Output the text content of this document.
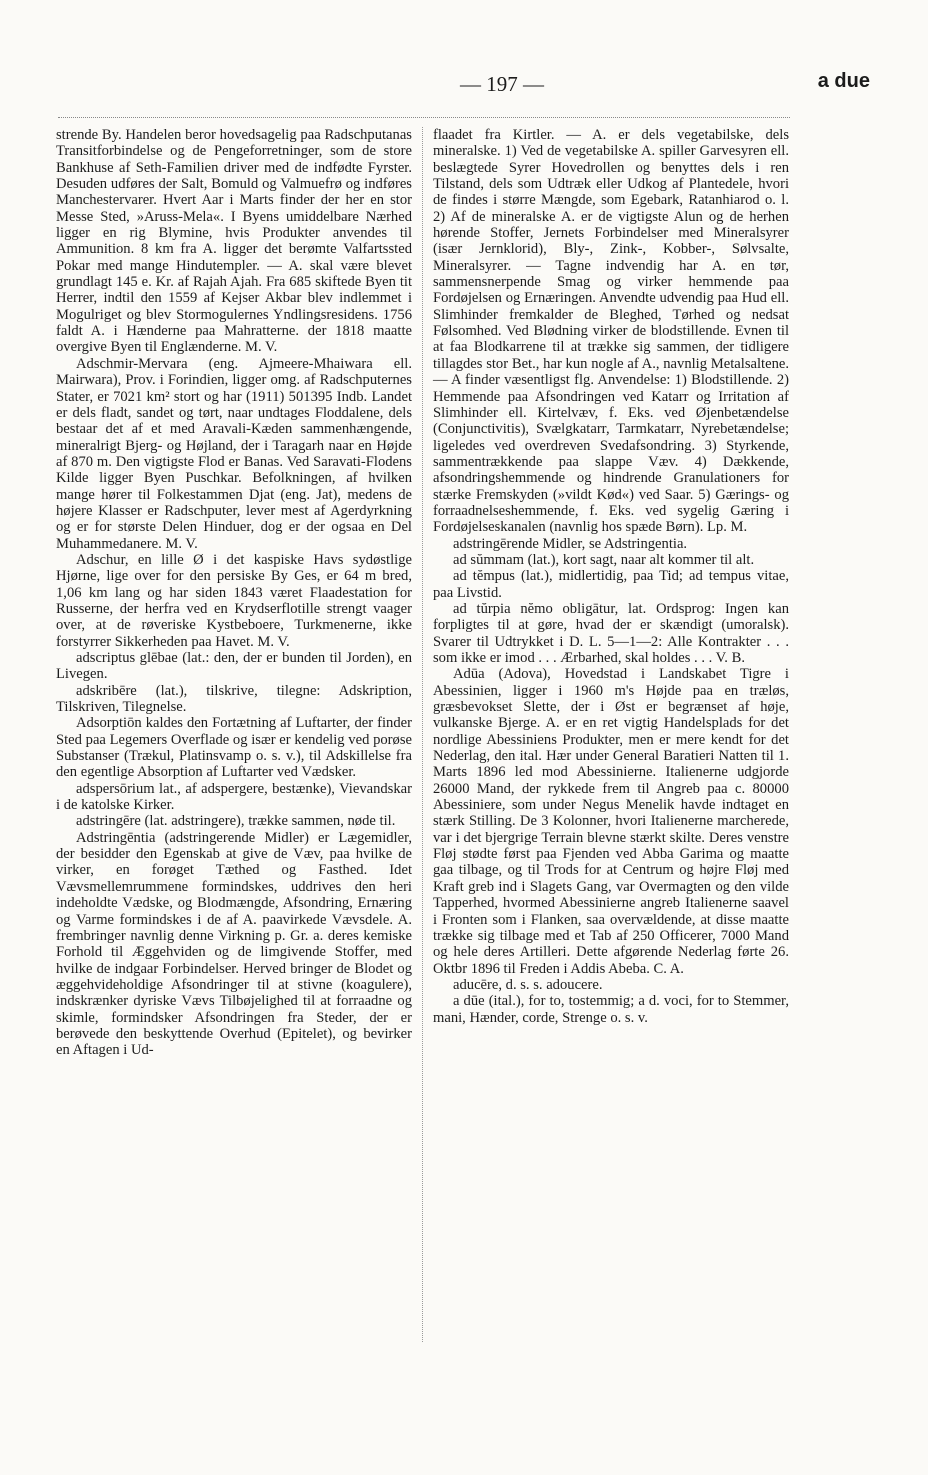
— 197 —	a due

strende By. Handelen beror hovedsagelig paa Radschputanas Transitforbindelse og de Pengeforretninger, som de store Bankhuse af Seth-Familien driver med de indfødte Fyrster. Desuden udføres der Salt, Bomuld og Valmuefrø og indføres Manchestervarer. Hvert Aar i Marts finder der her en stor Messe Sted, »Aruss-Mela«. I Byens umiddelbare Nærhed ligger en rig Blymine, hvis Produkter anvendes til Ammunition. 8 km fra A. ligger det berømte Valfartssted Pokar med mange Hindutempler. — A. skal være blevet grundlagt 145 e. Kr. af Rajah Ajah. Fra 685 skiftede Byen tit Herrer, indtil den 1559 af Kejser Akbar blev indlemmet i Mogulriget og blev Stormogulernes Yndlingsresidens. 1756 faldt A. i Hænderne paa Mahratterne. der 1818 maatte overgive Byen til Englænderne. M. V.

Adschmir-Mervara (eng. Ajmeere-Mhaiwara ell. Mairwara), Prov. i Forindien, ligger omg. af Radschputernes Stater, er 7021 km² stort og har (1911) 501395 Indb. Landet er dels fladt, sandet og tørt, naar undtages Floddalene, dels bestaar det af et med Aravali-Kæden sammenhængende, mineralrigt Bjerg- og Højland, der i Taragarh naar en Højde af 870 m. Den vigtigste Flod er Banas. Ved Saravati-Flodens Kilde ligger Byen Puschkar. Befolkningen, af hvilken mange hører til Folkestammen Djat (eng. Jat), medens de højere Klasser er Radschputer, lever mest af Agerdyrkning og er for største Delen Hinduer, dog er der ogsaa en Del Muhammedanere. M. V.

Adschur, en lille Ø i det kaspiske Havs sydøstlige Hjørne, lige over for den persiske By Ges, er 64 m bred, 1,06 km lang og har siden 1843 været Flaadestation for Russerne, der herfra ved en Krydserflotille strengt vaager over, at de røveriske Kystbeboere, Turkmenerne, ikke forstyrrer Sikkerheden paa Havet. M. V.

adscriptus glēbae (lat.: den, der er bunden til Jorden), en Livegen.

adskribēre (lat.), tilskrive, tilegne: Adskription, Tilskriven, Tilegnelse.

Adsorptiōn kaldes den Fortætning af Luftarter, der finder Sted paa Legemers Overflade og især er kendelig ved porøse Substanser (Trækul, Platinsvamp o. s. v.), til Adskillelse fra den egentlige Absorption af Luftarter ved Vædsker.

adspersōrium lat., af adspergere, bestænke), Vievandskar i de katolske Kirker.

adstringēre (lat. adstringere), trække sammen, nøde til.

Adstringēntia (adstringerende Midler) er Lægemidler, der besidder den Egenskab at give de Væv, paa hvilke de virker, en forøget Tæthed og Fasthed. Idet Vævsmellemrummene formindskes, uddrives den heri indeholdte Vædske, og Blodmængde, Afsondring, Ernæring og Varme formindskes i de af A. paavirkede Vævsdele. A. frembringer navnlig denne Virkning p. Gr. a. deres kemiske Forhold til Æggehviden og de limgivende Stoffer, med hvilke de indgaar Forbindelser. Herved bringer de Blodet og æggehvideholdige Afsondringer til at stivne (koagulere), indskrænker dyriske Vævs Tilbøjelighed til at forraadne og skimle, formindsker Afsondringen fra Steder, der er berøvede den beskyttende Overhud (Epitelet), og bevirker en Aftagen i Ud-

flaadet fra Kirtler. — A. er dels vegetabilske, dels mineralske. 1) Ved de vegetabilske A. spiller Garvesyren ell. beslægtede Syrer Hovedrollen og benyttes dels i ren Tilstand, dels som Udtræk eller Udkog af Plantedele, hvori de findes i større Mængde, som Egebark, Ratanhiarod o. l. 2) Af de mineralske A. er de vigtigste Alun og de herhen hørende Stoffer, Jernets Forbindelser med Mineralsyrer (især Jernklorid), Bly-, Zink-, Kobber-, Sølvsalte, Mineralsyrer. — Tagne indvendig har A. en tør, sammensnerpende Smag og virker hemmende paa Fordøjelsen og Ernæringen. Anvendte udvendig paa Hud ell. Slimhinder fremkalder de Bleghed, Tørhed og nedsat Følsomhed. Ved Blødning virker de blodstillende. Evnen til at faa Blodkarrene til at trække sig sammen, der tidligere tillagdes stor Bet., har kun nogle af A., navnlig Metalsaltene. — A finder væsentligst flg. Anvendelse: 1) Blodstillende. 2) Hemmende paa Afsondringen ved Katarr og Irritation af Slimhinder ell. Kirtelvæv, f. Eks. ved Øjenbetændelse (Conjunctivitis), Svælgkatarr, Tarmkatarr, Nyrebetændelse; ligeledes ved overdreven Svedafsondring. 3) Styrkende, sammentrækkende paa slappe Væv. 4) Dækkende, afsondringshemmende og hindrende Granulationers for stærke Fremskyden (»vildt Kød«) ved Saar. 5) Gærings- og forraadnelseshemmende, f. Eks. ved sygelig Gæring i Fordøjelseskanalen (navnlig hos spæde Børn). Lp. M.

adstringērende Midler, se Adstringentia.

ad sŭmmam (lat.), kort sagt, naar alt kommer til alt.

ad tĕmpus (lat.), midlertidig, paa Tid; ad tempus vitae, paa Livstid.

ad tŭrpia nĕmo obligātur, lat. Ordsprog: Ingen kan forpligtes til at gøre, hvad der er skændigt (umoralsk). Svarer til Udtrykket i D. L. 5—1—2: Alle Kontrakter . . . som ikke er imod . . . Ærbarhed, skal holdes . . . V. B.

Adūa (Adova), Hovedstad i Landskabet Tigre i Abessinien, ligger i 1960 m's Højde paa en træløs, græsbevokset Slette, der i Øst er begrænset af høje, vulkanske Bjerge. A. er en ret vigtig Handelsplads for det nordlige Abessiniens Produkter, men er mere kendt for det Nederlag, den ital. Hær under General Baratieri Natten til 1. Marts 1896 led mod Abessinierne. Italienerne udgjorde 26000 Mand, der rykkede frem til Angreb paa c. 80000 Abessiniere, som under Negus Menelik havde indtaget en stærk Stilling. De 3 Kolonner, hvori Italienerne marcherede, var i det bjergrige Terrain blevne stærkt skilte. Deres venstre Fløj stødte først paa Fjenden ved Abba Garima og maatte gaa tilbage, og til Trods for at Centrum og højre Fløj med Kraft greb ind i Slagets Gang, var Overmagten og den vilde Tapperhed, hvormed Abessinierne angreb Italienerne saavel i Fronten som i Flanken, saa overvældende, at disse maatte trække sig tilbage med et Tab af 250 Officerer, 7000 Mand og hele deres Artilleri. Dette afgørende Nederlag førte 26. Oktbr 1896 til Freden i Addis Abeba. C. A.

aducēre, d. s. s. adoucere.

a dūe (ital.), for to, tostemmig; a d. voci, for to Stemmer, mani, Hænder, corde, Strenge o. s. v.
